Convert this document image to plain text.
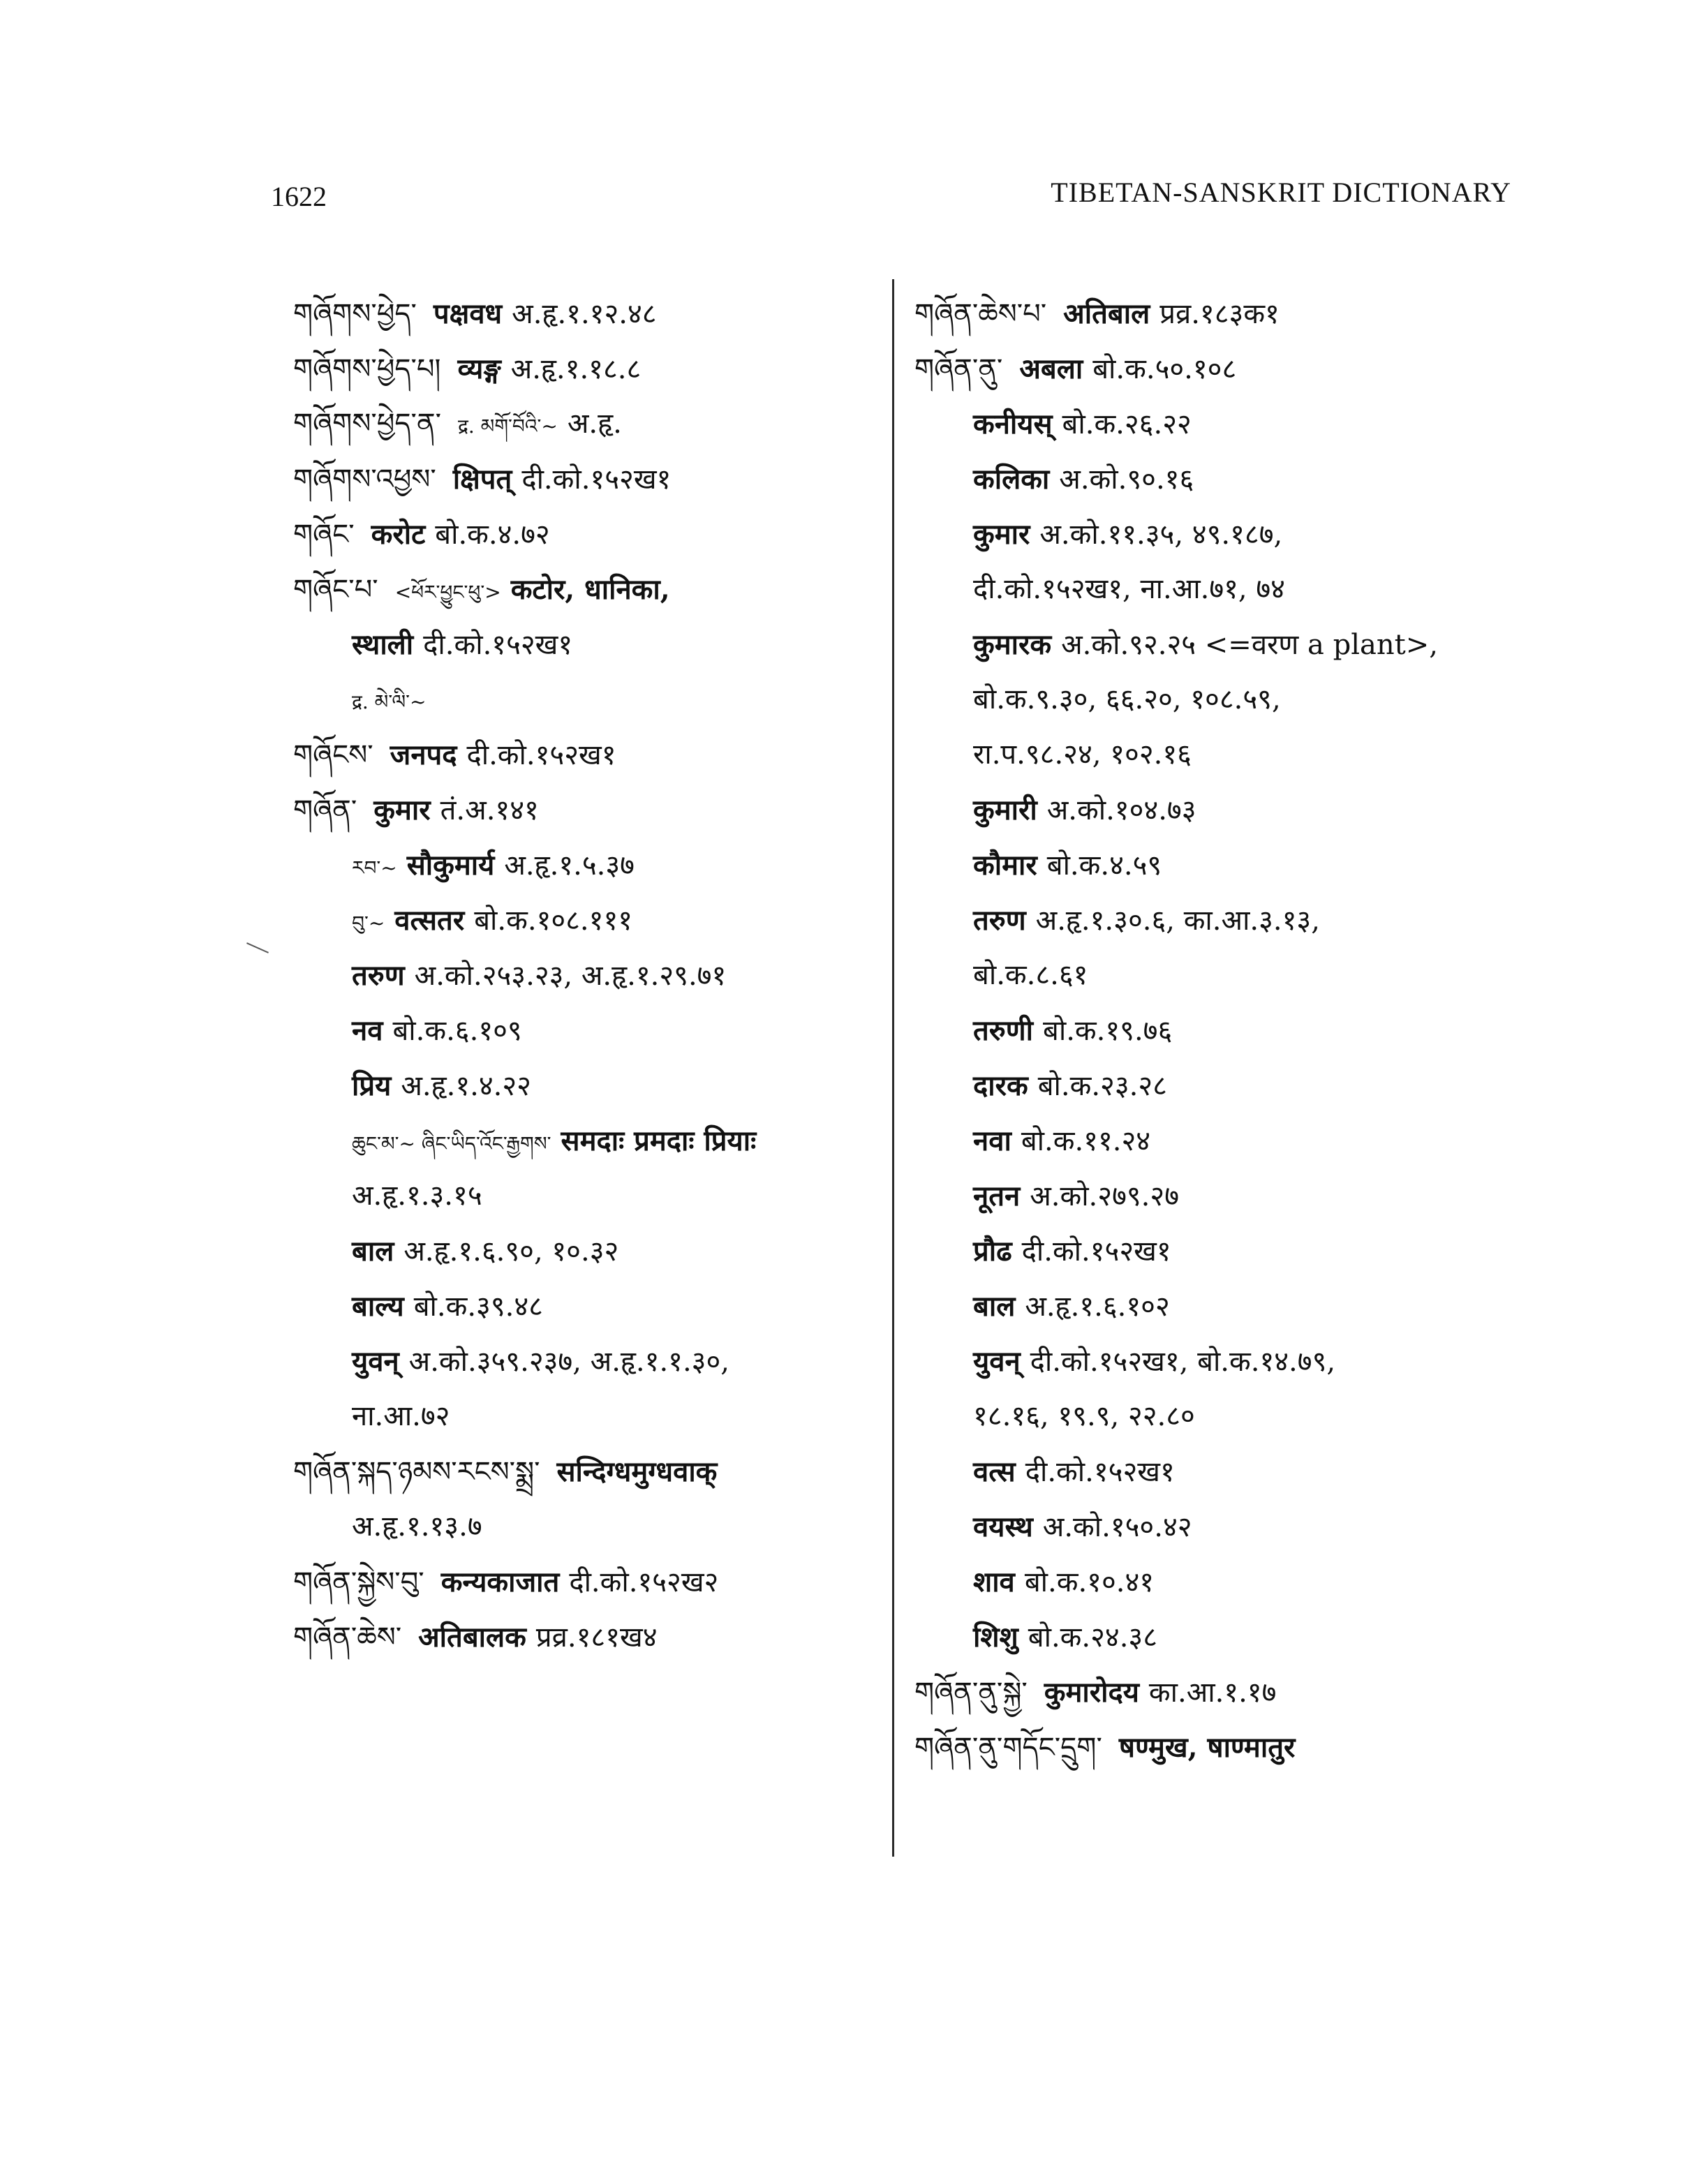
1622	TIBETAN-SANSKRIT DICTIONARY
གཞོགས་ཕྱེད་ पक्षवध अ.हृ.१.१२.४८
གཞོགས་ཕྱེད་པ། व्यङ्ग अ.हृ.१.१८.८
གཞོགས་ཕྱེད་ན་ द्र. མགོ་བོའི་~ अ.हृ.
གཞོགས་འཕྱས་ क्षिपत् दी.को.१५२ख१
གཞོང་ करोट बो.क.४.७२
གཞོང་པ་ <ཕོར་ཕྱུང་ཕུ་> कटोर, धानिका,
स्थाली दी.को.१५२ख१
द्र. མེ་ལི་~
གཞོངས་ जनपद दी.को.१५२ख१
གཞོན་ कुमार तं.अ.१४१
རབ་~ सौकुमार्य अ.हृ.१.५.३७
བུ་~ वत्सतर बो.क.१०८.१११
तरुण अ.को.२५३.२३, अ.हृ.१.२९.७१
नव बो.क.६.१०९
प्रिय अ.हृ.१.४.२२
ཆུང་མ་~ ཞིང་ཡིད་འོང་རྒྱགས་ समदाः प्रमदाः प्रियाः
अ.हृ.१.३.१५
बाल अ.हृ.१.६.९०, १०.३२
बाल्य बो.क.३९.४८
युवन् अ.को.३५९.२३७, अ.हृ.१.१.३०,
ना.आ.७२
གཞོན་སྐད་ཉམས་རངས་སྨྲ་ सन्दिग्धमुग्धवाक्
अ.हृ.१.१३.७
གཞོན་སྐྱེས་བུ་ कन्यकाजात दी.को.१५२ख२
གཞོན་ཆེས་ अतिबालक प्रव्र.१८१ख४
གཞོན་ཆེས་པ་ अतिबाल प्रव्र.१८३क१
གཞོན་ནུ་ अबला बो.क.५०.१०८
कनीयस् बो.क.२६.२२
कलिका अ.को.९०.१६
कुमार अ.को.११.३५, ४९.१८७,
दी.को.१५२ख१, ना.आ.७१, ७४
कुमारक अ.को.९२.२५ <=वरण a plant>,
बो.क.९.३०, ६६.२०, १०८.५९,
रा.प.९८.२४, १०२.१६
कुमारी अ.को.१०४.७३
कौमार बो.क.४.५९
तरुण अ.हृ.१.३०.६, का.आ.३.१३,
बो.क.८.६१
तरुणी बो.क.१९.७६
दारक बो.क.२३.२८
नवा बो.क.११.२४
नूतन अ.को.२७९.२७
प्रौढ दी.को.१५२ख१
बाल अ.हृ.१.६.१०२
युवन् दी.को.१५२ख१, बो.क.१४.७९,
१८.१६, १९.९, २२.८०
वत्स दी.को.१५२ख१
वयस्थ अ.को.१५०.४२
शाव बो.क.१०.४१
शिशु बो.क.२४.३८
གཞོན་ནུ་སྐྱེ་ कुमारोदय का.आ.१.१७
གཞོན་ནུ་གདོང་དྲུག་ षण्मुख, षाण्मातुर
